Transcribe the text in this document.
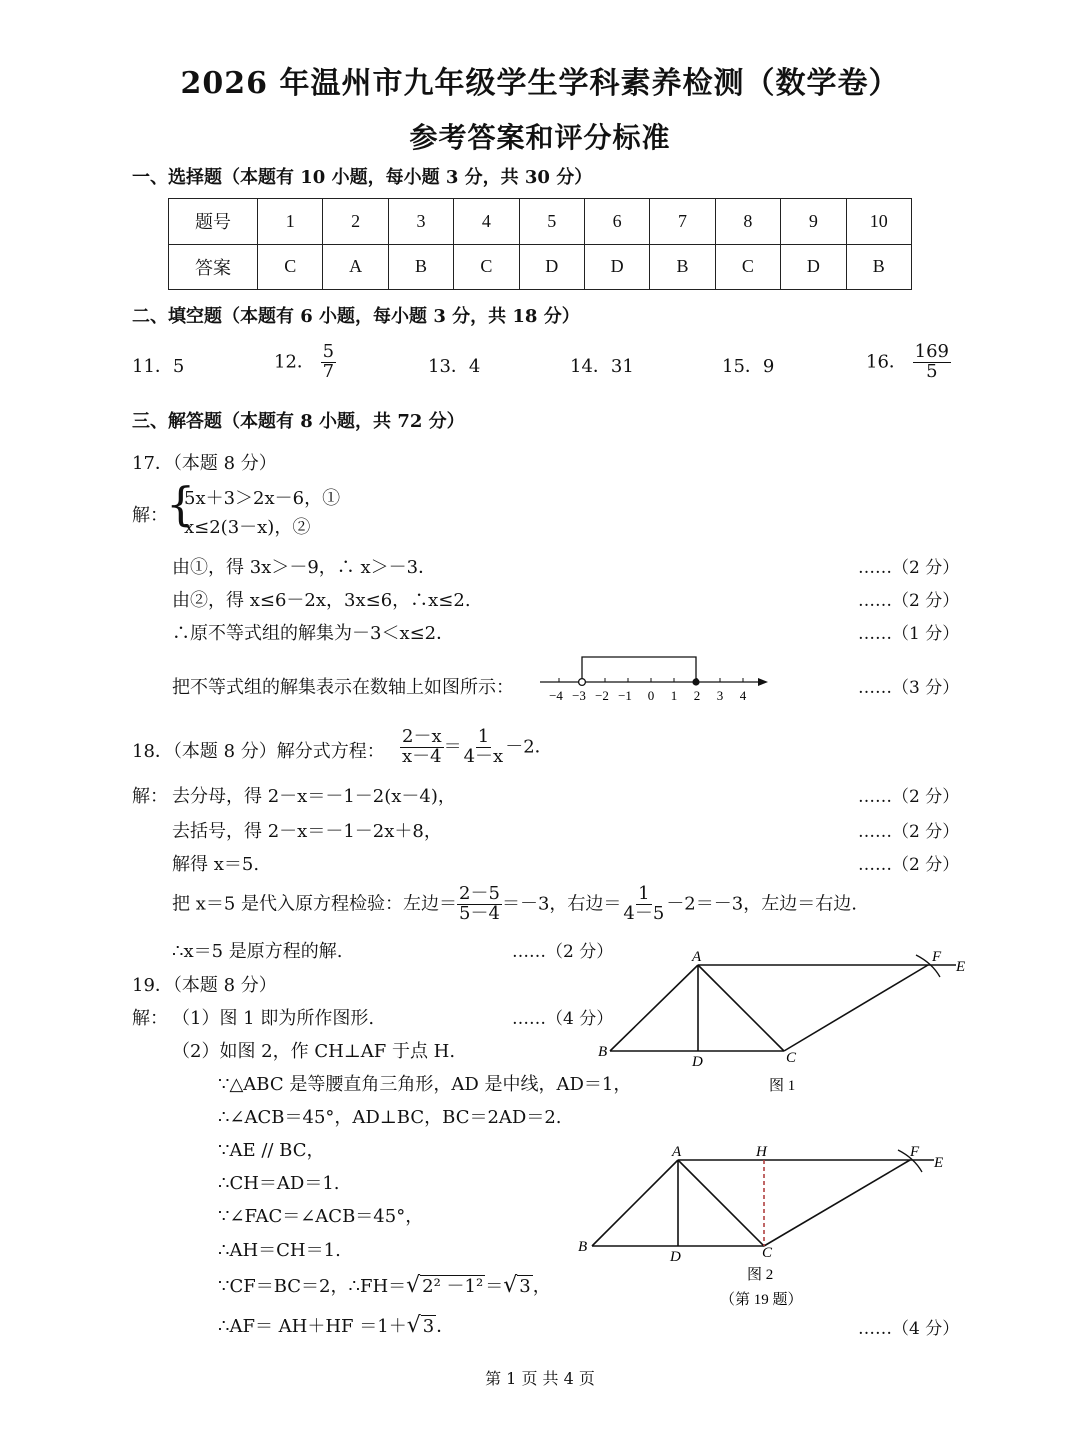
2026 年温州市九年级学生学科素养检测（数学卷）
参考答案和评分标准
一、选择题（本题有 10 小题，每小题 3 分，共 30 分）
题号	1	2	3	4	5	6	7	8	9	10
答案	C	A	B	C	D	D	B	C	D	B
二、填空题（本题有 6 小题，每小题 3 分，共 18 分）
11．5	12． $\frac{5}{7}$	13．4	14．31	15．9	16． $\frac{169}{5}$
三、解答题（本题有 8 小题，共 72 分）
17．（本题 8 分）
解：
{
5x＋3＞2x－6，①
x≤2(3－x)，②
由①，得 3x＞－9，∴ x＞－3．	……（2 分）
由②，得 x≤6－2x，3x≤6，∴x≤2.	……（2 分）
∴原不等式组的解集为－3＜x≤2．	……（1 分）
把不等式组的解集表示在数轴上如图所示：	……（3 分）
−4 −3 −2 −1 0 1 2 3 4
18．（本题 8 分）解分式方程： $\frac{2-x}{x-4} = \frac{1}{4-x} -2$．
解： 去分母，得 2－x＝－1－2(x－4)，	……（2 分）
去括号，得 2－x＝－1－2x＋8，	……（2 分）
解得 x＝5.	……（2 分）
把 x＝5 是代入原方程检验：左边＝ $\frac{2-5}{5-4} =-3$，右边＝ $\frac{1}{4-5} -2=-3$，左边＝右边.
∴x＝5 是原方程的解.	……（2 分）
19．（本题 8 分）
解： （1）图 1 即为所作图形.	……（4 分）
（2）如图 2，作 CH⊥AF 于点 H.
∵△ABC 是等腰直角三角形，AD 是中线，AD＝1，
∴∠ACB＝45°，AD⊥BC，BC＝2AD＝2.
∵AE // BC，
∴CH＝AD＝1.
∵∠FAC＝∠ACB＝45°，
∴AH＝CH＝1.
∵CF＝BC＝2，∴FH＝√ 2² －1² ＝√ 3 ，
∴AF＝ AH＋HF ＝1＋√ 3 ．	……（4 分）
A
B	C
D
E
F
图 1
A	H
B	C
D
E
F
图 2
（第 19 题）
第 1 页 共 4 页
